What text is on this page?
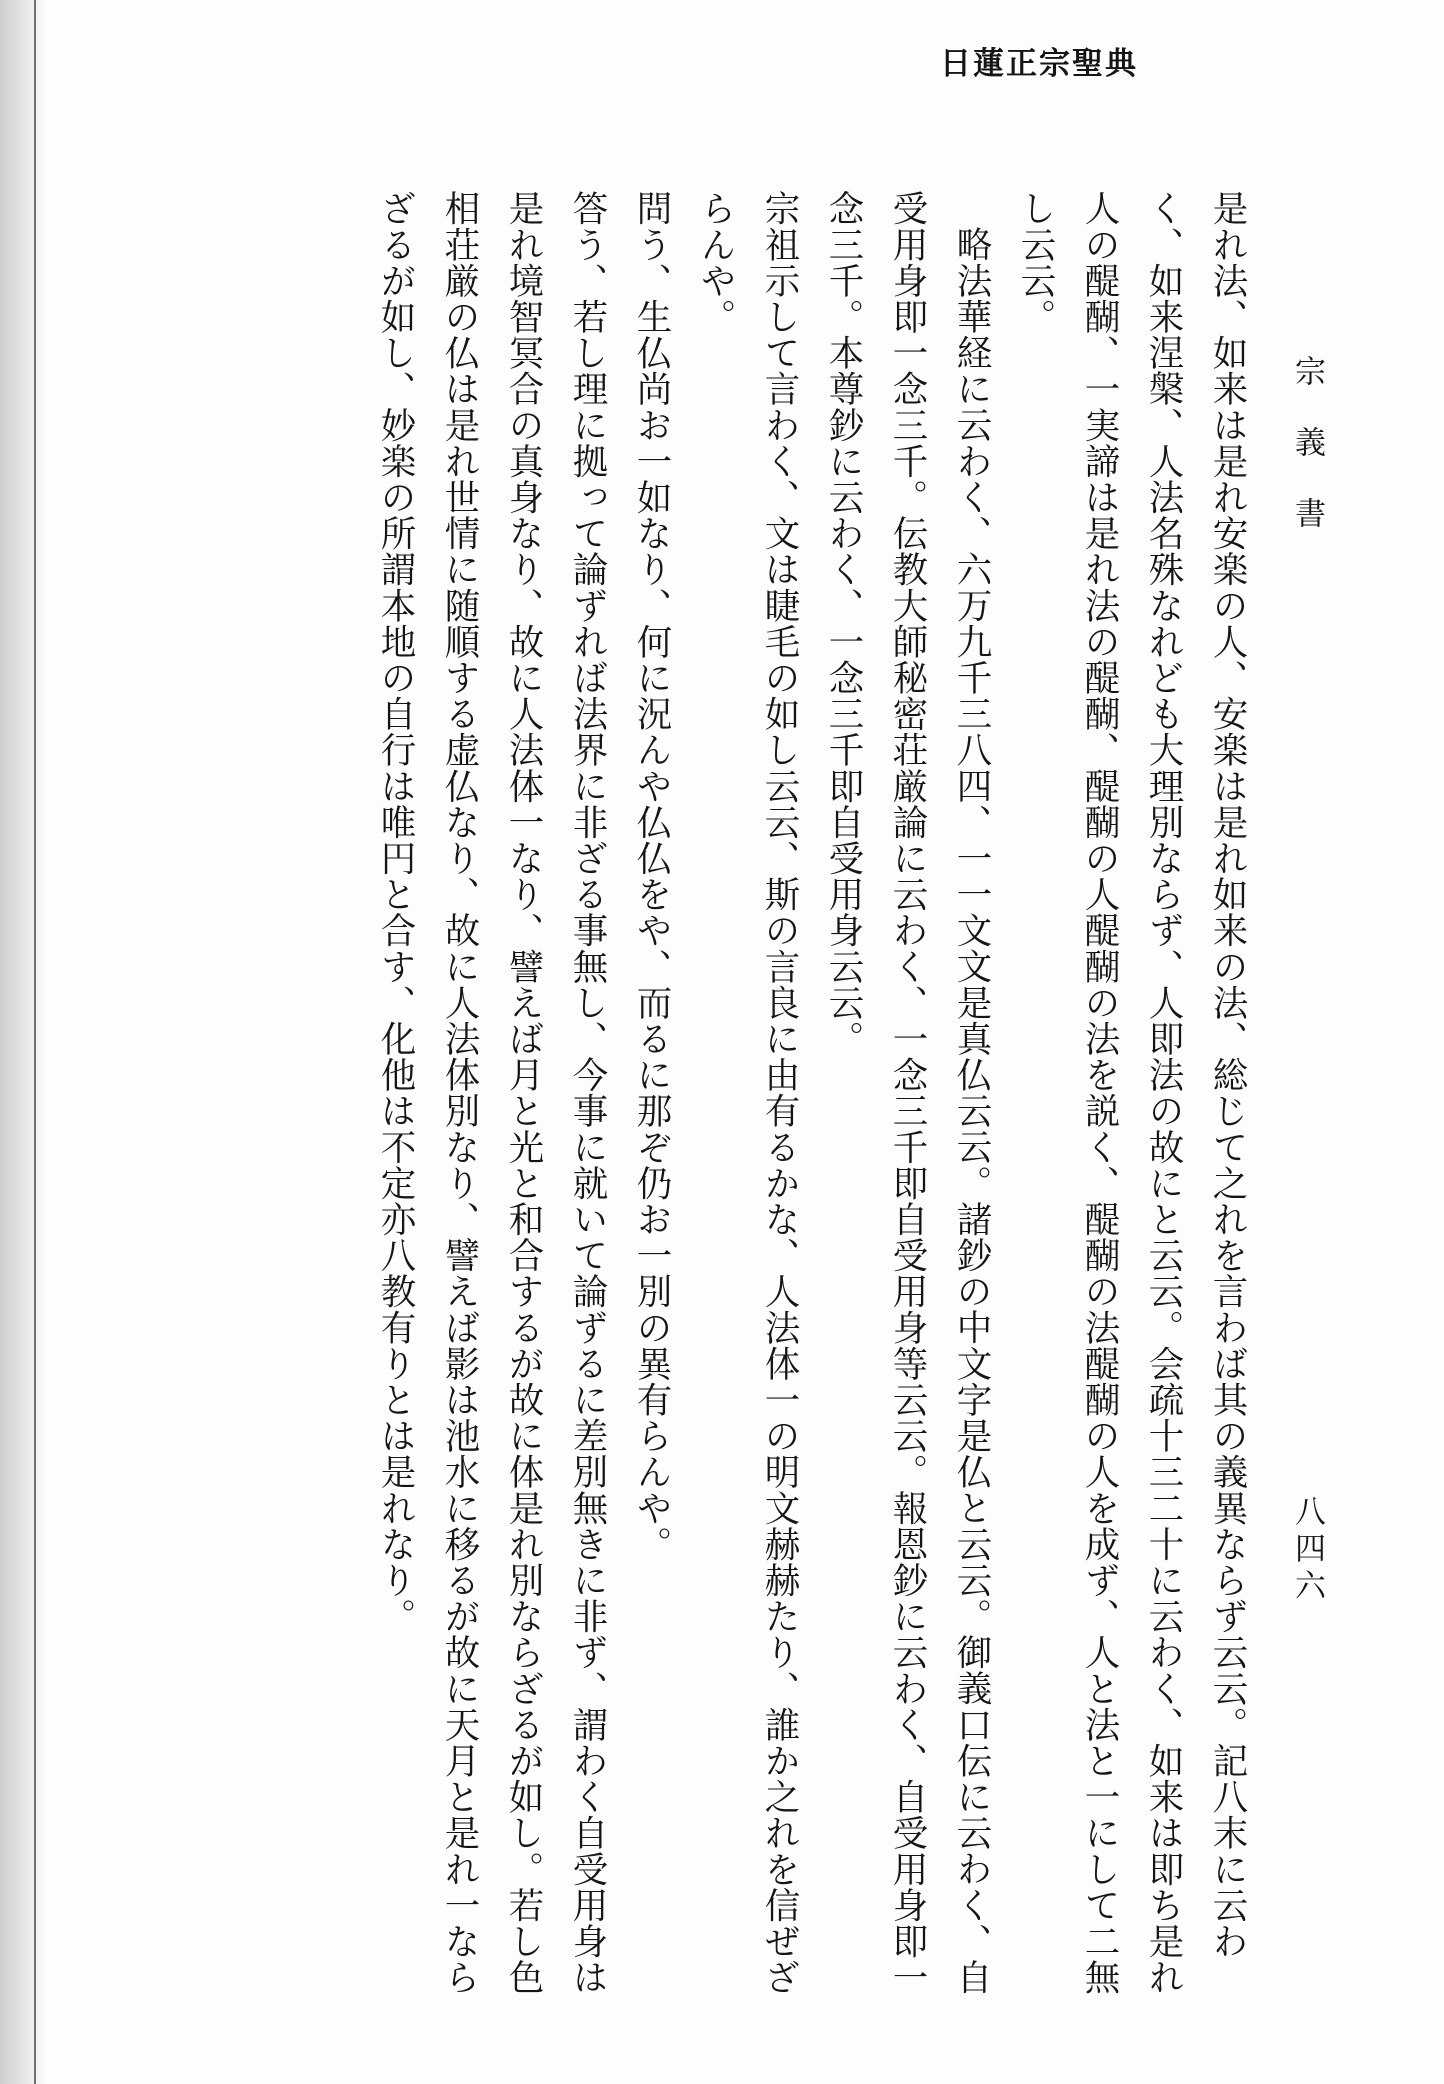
日蓮正宗聖典
宗義書
八四六

是れ法、如来は是れ安楽の人、安楽は是れ如来の法、総じて之れを言わば其の義異ならず云云。記八末に云わく、如来涅槃、人法名殊なれども大理別ならず、人即法の故にと云云。会疏十三二十に云わく、如来は即ち是れ人の醍醐、一実諦は是れ法の醍醐、醍醐の人醍醐の法を説く、醍醐の法醍醐の人を成ず、人と法と一にして二無し云云。

略法華経に云わく、六万九千三八四、一一文文是真仏云云。諸鈔の中文字是仏と云云。御義口伝に云わく、自受用身即一念三千。伝教大師秘密荘厳論に云わく、一念三千即自受用身等云云。報恩鈔に云わく、自受用身即一念三千。本尊鈔に云わく、一念三千即自受用身云云。

宗祖示して言わく、文は睫毛の如し云云、斯の言良に由有るかな、人法体一の明文赫赫たり、誰か之れを信ぜざらんや。

問う、生仏尚お一如なり、何に況んや仏仏をや、而るに那ぞ仍お一別の異有らんや。

答う、若し理に拠って論ずれば法界に非ざる事無し、今事に就いて論ずるに差別無きに非ず、謂わく自受用身は是れ境智冥合の真身なり、故に人法体一なり、譬えば月と光と和合するが故に体是れ別ならざるが如し。若し色相荘厳の仏は是れ世情に随順する虚仏なり、故に人法体別なり、譬えば影は池水に移るが故に天月と是れ一ならざるが如し、妙楽の所謂本地の自行は唯円と合す、化他は不定亦八教有りとは是れなり。
